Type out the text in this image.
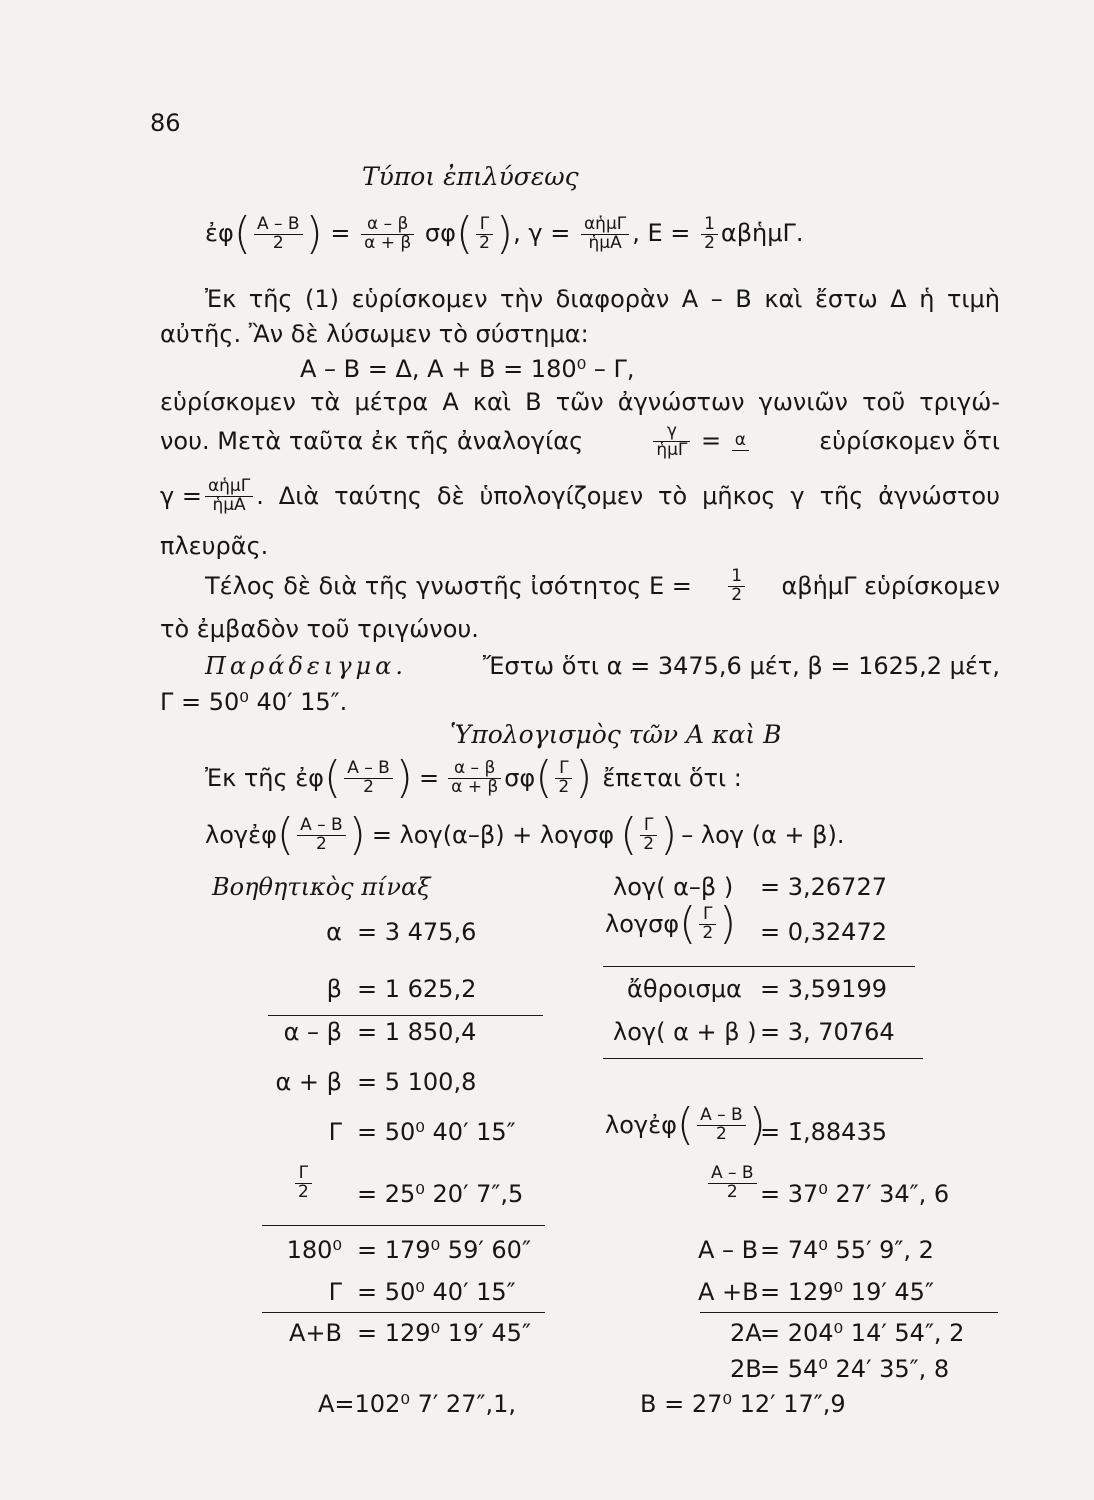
86
Τύποι ἐπιλύσεως
ἐφ( $\frac{A - B}{2}$ ) = $\frac{\alpha - \beta}{\alpha + \beta} \sigma\varphi( \frac{\Gamma}{2}$ ), $\gamma = \frac{\text{αἡμΓ}}{\text{ἡμΑ}}$ , $E = \frac{1}{2}$ αβἡμΓ.
Ἐκ τῆς (1) εὑρίσκομεν τὴν διαφορὰν Α – Β καὶ ἔστω Δ ἡ τιμὴ
αὐτῆς. Ἂν δὲ λύσωμεν τὸ σύστημα:
Α – Β = Δ, Α + Β = 180⁰ – Γ,
εὑρίσκομεν τὰ μέτρα Α καὶ Β τῶν ἀγνώστων γωνιῶν τοῦ τριγώ-
νου. Μετὰ ταῦτα ἐκ τῆς ἀναλογίας	$\frac{\gamma}{\text{ἡμΓ}} = \alpha$	εὑρίσκομεν ὅτι
$\gamma = \frac{\text{αἡμΓ}}{\text{ἡμΑ}}$ . Διὰ ταύτης δὲ ὑπολογίζομεν τὸ μῆκος γ τῆς ἀγνώστου
πλευρᾶς.
Τέλος δὲ διὰ τῆς γνωστῆς ἰσότητος $E = \frac{1}{2}$ αβἡμΓ εὑρίσκομεν
τὸ ἐμβαδὸν τοῦ τριγώνου.
Παράδειγμα.	Ἔστω ὅτι α = 3475,6 μέτ, β = 1625,2 μέτ,
Γ = 50⁰ 40′ 15″.
Ὑπολογισμὸς τῶν Α καὶ Β
Ἐκ τῆς ἐφ ( $\frac{A - B}{2}$ ) = $\frac{\alpha - \beta}{\alpha + \beta}$ σφ ( $\frac{\Gamma}{2}$ ) ἔπεται ὅτι :
λογἐφ ( $\frac{A - B}{2}$ ) = λογ(α–β) + λογσφ ( $\frac{\Gamma}{2}$ ) – λογ (α + β).
Βοηθητικὸς πίναξ
α = 3 475,6
β = 1 625,2
α – β = 1 850,4
α + β = 5 100,8
Γ = 50⁰ 40′ 15″
$\frac{\Gamma}{2} = 25^0$ 20′ 7″,5
180⁰ = 179⁰ 59′ 60″
Γ = 50⁰ 40′ 15″
Α+Β = 129⁰ 19′ 45″
λογ( α–β ) = 3,26727
λογσφ ( $\frac{\Gamma}{2}$ ) = 0,32472
ἄθροισμα = 3,59199
λογ( α + β ) = 3, 70764
λογἐφ ( $\frac{A - B}{2}$ )
= 1̄,88435
$\frac{A - B}{2} = 37^0$ 27′ 34″, 6
Α – Β = 74⁰ 55′ 9″, 2
Α +Β = 129⁰ 19′ 45″
2Α
= 204⁰ 14′ 54″, 2
2Β
= 54⁰ 24′ 35″, 8
Α=102⁰ 7′ 27″,1,	Β = 27⁰ 12′ 17″,9
